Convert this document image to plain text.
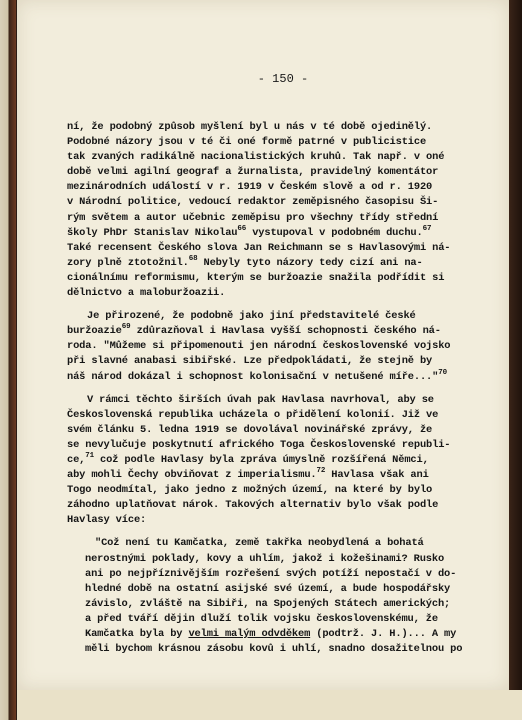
- 150 -
ní, že podobný způsob myšlení byl u nás v té době ojedinělý.
Podobné názory jsou v té či oné formě patrné v publicistice
tak zvaných radikálně nacionalistických kruhů. Tak např. v oné
době velmi agilní geograf a žurnalista, pravidelný komentátor
mezinárodních událostí v r. 1919 v Českém slově a od r. 1920
v Národní politice, vedoucí redaktor zeměpisného časopisu Ši-
rým světem a autor učebnic zeměpisu pro všechny třídy střední
školy PhDr Stanislav Nikolau$^{66}$ vystupoval v podobném duchu.$^{67}$
Také recensent Českého slova Jan Reichmann se s Havlasovými ná-
zory plně ztotožnil.$^{68}$ Nebyly tyto názory tedy cizí ani na-
cionálnímu reformismu, kterým se buržoazie snažila podřídit si
dělnictvo a maloburžoazii.
Je přirozené, že podobně jako jiní představitelé české
buržoazie$^{69}$ zdůrazňoval i Havlasa vyšší schopnosti českého ná-
roda. "Můžeme si připomenouti jen národní československé vojsko
při slavné anabasi sibiřské. Lze předpokládati, že stejně by
náš národ dokázal i schopnost kolonisační v netušené míře..."$^{70}$
V rámci těchto širších úvah pak Havlasa navrhoval, aby se
Československá republika ucházela o přidělení kolonií. Již ve
svém článku 5. ledna 1919 se dovolával novinářské zprávy, že
se nevylučuje poskytnutí afrického Toga Československé republi-
ce,$^{71}$ což podle Havlasy byla zpráva úmyslně rozšířená Němci,
aby mohli Čechy obviňovat z imperialismu.$^{72}$ Havlasa však ani
Togo neodmítal, jako jedno z možných území, na které by bylo
záhodno uplatňovat nárok. Takových alternativ bylo však podle
Havlasy více:
"Což není tu Kamčatka, země takřka neobydlená a bohatá
nerostnými poklady, kovy a uhlím, jakož i kožešinami? Rusko
ani po nejpříznivějším rozřešení svých potíží nepostačí v do-
hledné době na ostatní asijské své území, a bude hospodářsky
závislo, zvláště na Sibiři, na Spojených Státech amerických;
a před tváří dějin dluží tolik vojsku československému, že
Kamčatka byla by velmi malým odvděkem (podtrž. J. H.)... A my
měli bychom krásnou zásobu kovů i uhlí, snadno dosažitelnou po
